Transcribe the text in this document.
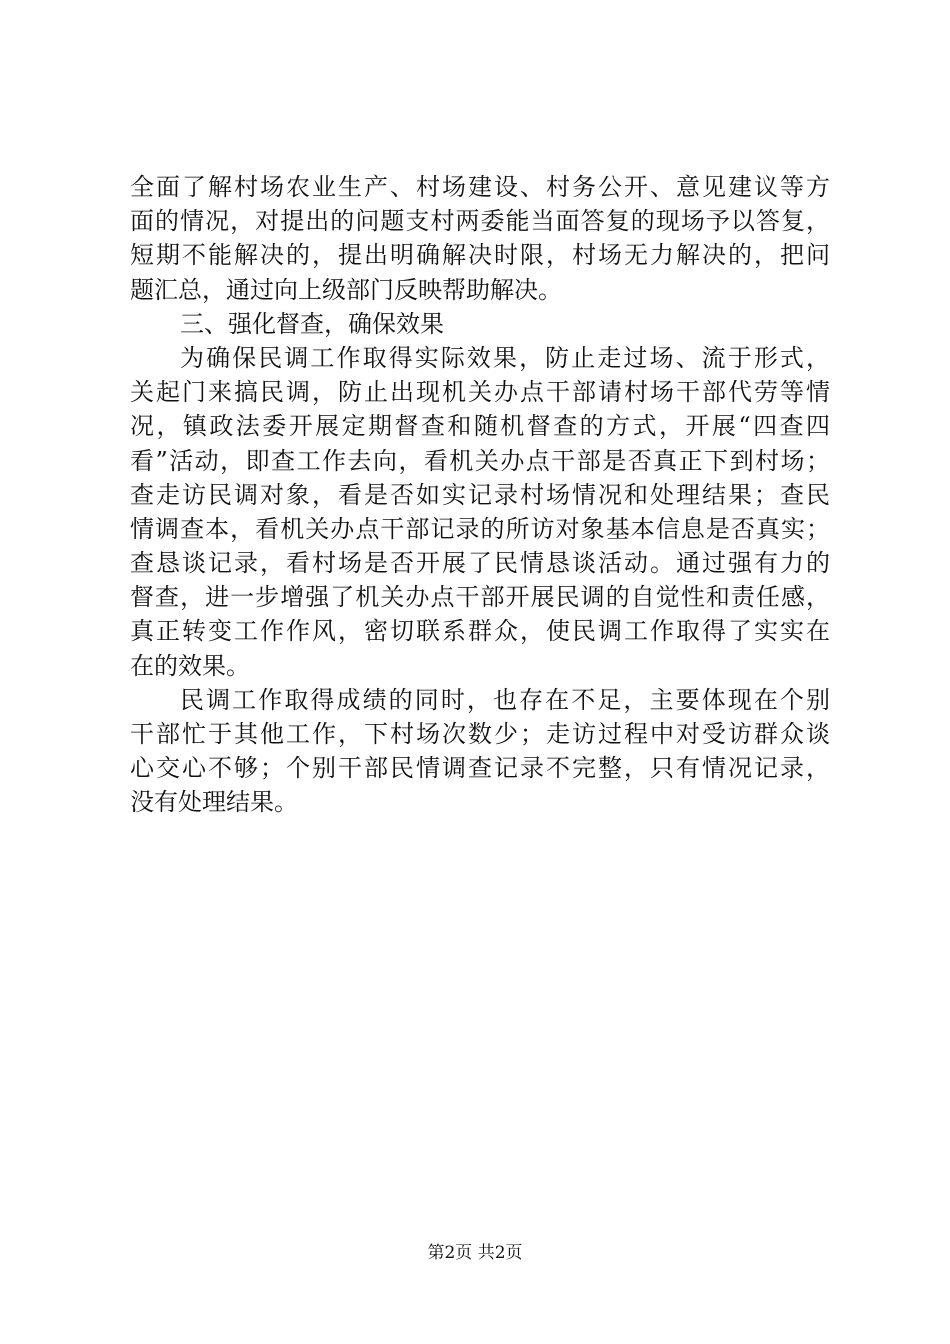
全面了解村场农业生产、村场建设、村务公开、意见建议等方
面的情况，对提出的问题支村两委能当面答复的现场予以答复，
短期不能解决的，提出明确解决时限，村场无力解决的，把问
题汇总，通过向上级部门反映帮助解决。
三、强化督查，确保效果
为确保民调工作取得实际效果，防止走过场、流于形式，
关起门来搞民调，防止出现机关办点干部请村场干部代劳等情
况，镇政法委开展定期督查和随机督查的方式，开展“四查四
看”活动，即查工作去向，看机关办点干部是否真正下到村场；
查走访民调对象，看是否如实记录村场情况和处理结果；查民
情调查本，看机关办点干部记录的所访对象基本信息是否真实；
查恳谈记录，看村场是否开展了民情恳谈活动。通过强有力的
督查，进一步增强了机关办点干部开展民调的自觉性和责任感，
真正转变工作作风，密切联系群众，使民调工作取得了实实在
在的效果。
民调工作取得成绩的同时，也存在不足，主要体现在个别
干部忙于其他工作，下村场次数少；走访过程中对受访群众谈
心交心不够；个别干部民情调查记录不完整，只有情况记录，
没有处理结果。
第2页 共2页
